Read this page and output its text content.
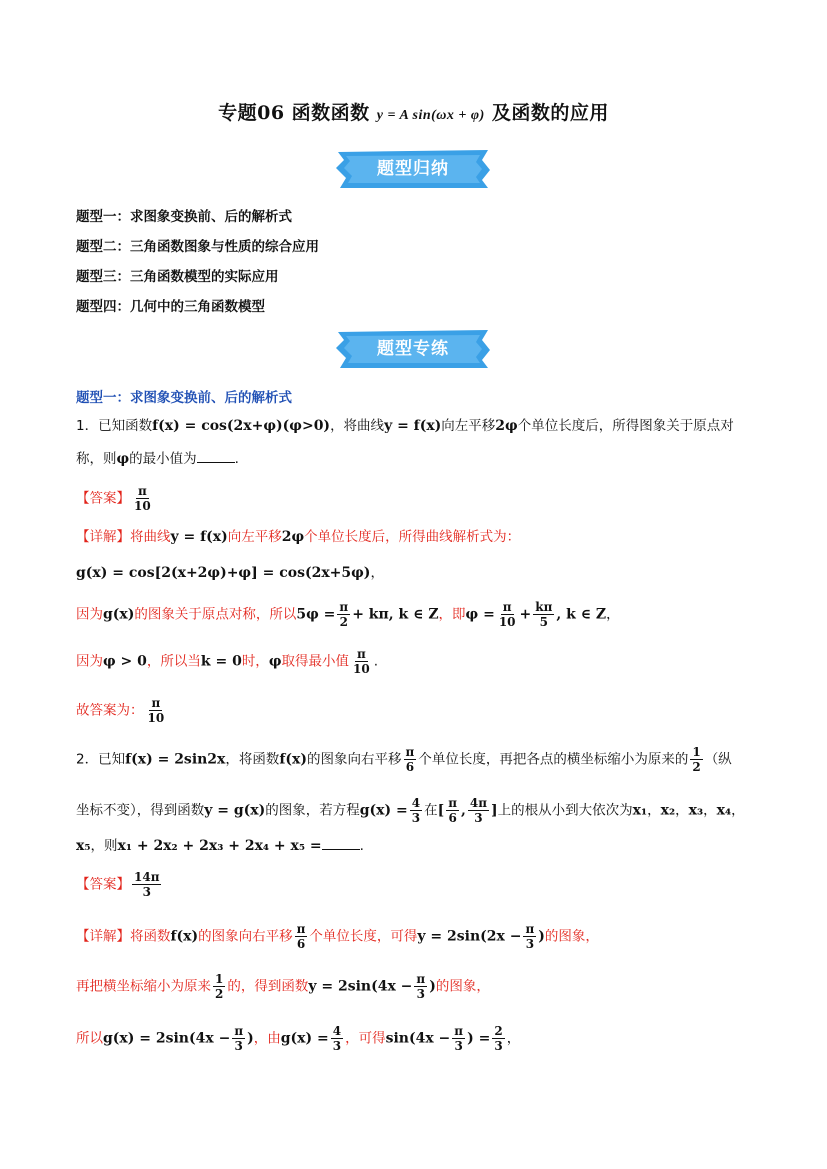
专题06 函数函数 y = A sin(ωx + φ) 及函数的应用
题型归纳
题型一：求图象变换前、后的解析式
题型二：三角函数图象与性质的综合应用
题型三：三角函数模型的实际应用
题型四：几何中的三角函数模型
题型专练
题型一：求图象变换前、后的解析式
1．已知函数f(x) = cos(2x+φ)(φ>0)，将曲线y = f(x)向左平移2φ个单位长度后，所得图象关于原点对
称，则φ的最小值为	.
【答案】 $\frac{\pi}{10}$
【详解】将曲线y = f(x)向左平移2φ个单位长度后，所得曲线解析式为：
g(x) = cos[2(x+2φ)+φ] = cos(2x+5φ)，
因为g(x)的图象关于原点对称，所以$5\varphi = \frac{\pi}{2} + k\pi$, k ∈ Z，即$\varphi = \frac{\pi}{10} + \frac{k\pi}{5}$ , k ∈ Z，
因为φ > 0，所以当k = 0时，φ取得最小值 $\frac{\pi}{10}$ .
故答案为： $\frac{\pi}{10}$
2．已知f(x) = 2sin2x，将函数f(x)的图象向右平移 $\frac{\pi}{6}$ 个单位长度，再把各点的横坐标缩小为原来的 $\frac{1}{2}$ （纵
坐标不变），得到函数y = g(x)的图象，若方程$g(x) = \frac{4}{3}$ 在[ $\frac{\pi}{6}$ , $\frac{4\pi}{3}$ ]上的根从小到大依次为x₁，x₂，x₃，x₄，
x₅，则x₁ + 2x₂ + 2x₃ + 2x₄ + x₅ =	.
【答案】 $\frac{14\pi}{3}$
【详解】将函数f(x)的图象向右平移 $\frac{\pi}{6}$ 个单位长度，可得$y = 2\sin(2x - \frac{\pi}{3}$ )的图象，
再把横坐标缩小为原来 $\frac{1}{2}$ 的，得到函数$y = 2\sin(4x - \frac{\pi}{3}$ )的图象，
所以$g(x) = 2\sin(4x - \frac{\pi}{3}$ )，由$g(x) = \frac{4}{3}$ ，可得$\sin(4x - \frac{\pi}{3}$ ) = $\frac{2}{3}$ ，
